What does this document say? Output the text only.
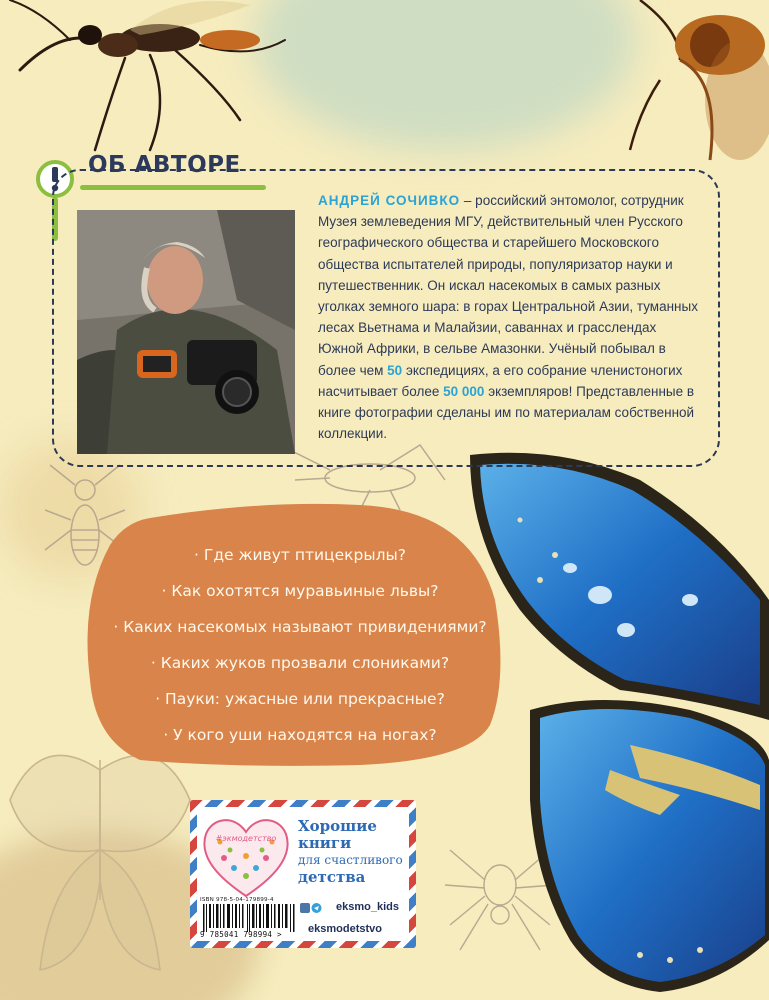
ОБ АВТОРЕ
АНДРЕЙ СОЧИВКО – российский энтомолог, сотрудник Музея землеведения МГУ, действительный член Русского географического общества и старейшего Московского общества испытателей природы, популяризатор науки и путешественник. Он искал насекомых в самых разных уголках земного шара: в горах Центральной Азии, туманных лесах Вьетнама и Малайзии, саваннах и грасслендах Южной Африки, в сельве Амазонки. Учёный побывал в более чем 50 экспедициях, а его собрание членистоногих насчитывает более 50 000 экземпляров! Представленные в книге фотографии сделаны им по материалам собственной коллекции.
· Где живут птицекрылы?
· Как охотятся муравьиные львы?
· Каких насекомых называют привидениями?
· Каких жуков прозвали слониками?
· Пауки: ужасные или прекрасные?
· У кого уши находятся на ногах?
#экмодетство
Хорошие
книги
для счастливого
детства
ISBN 978-5-04-179899-4
9 785041 798994 >
eksmo_kids
eksmodetstvo
